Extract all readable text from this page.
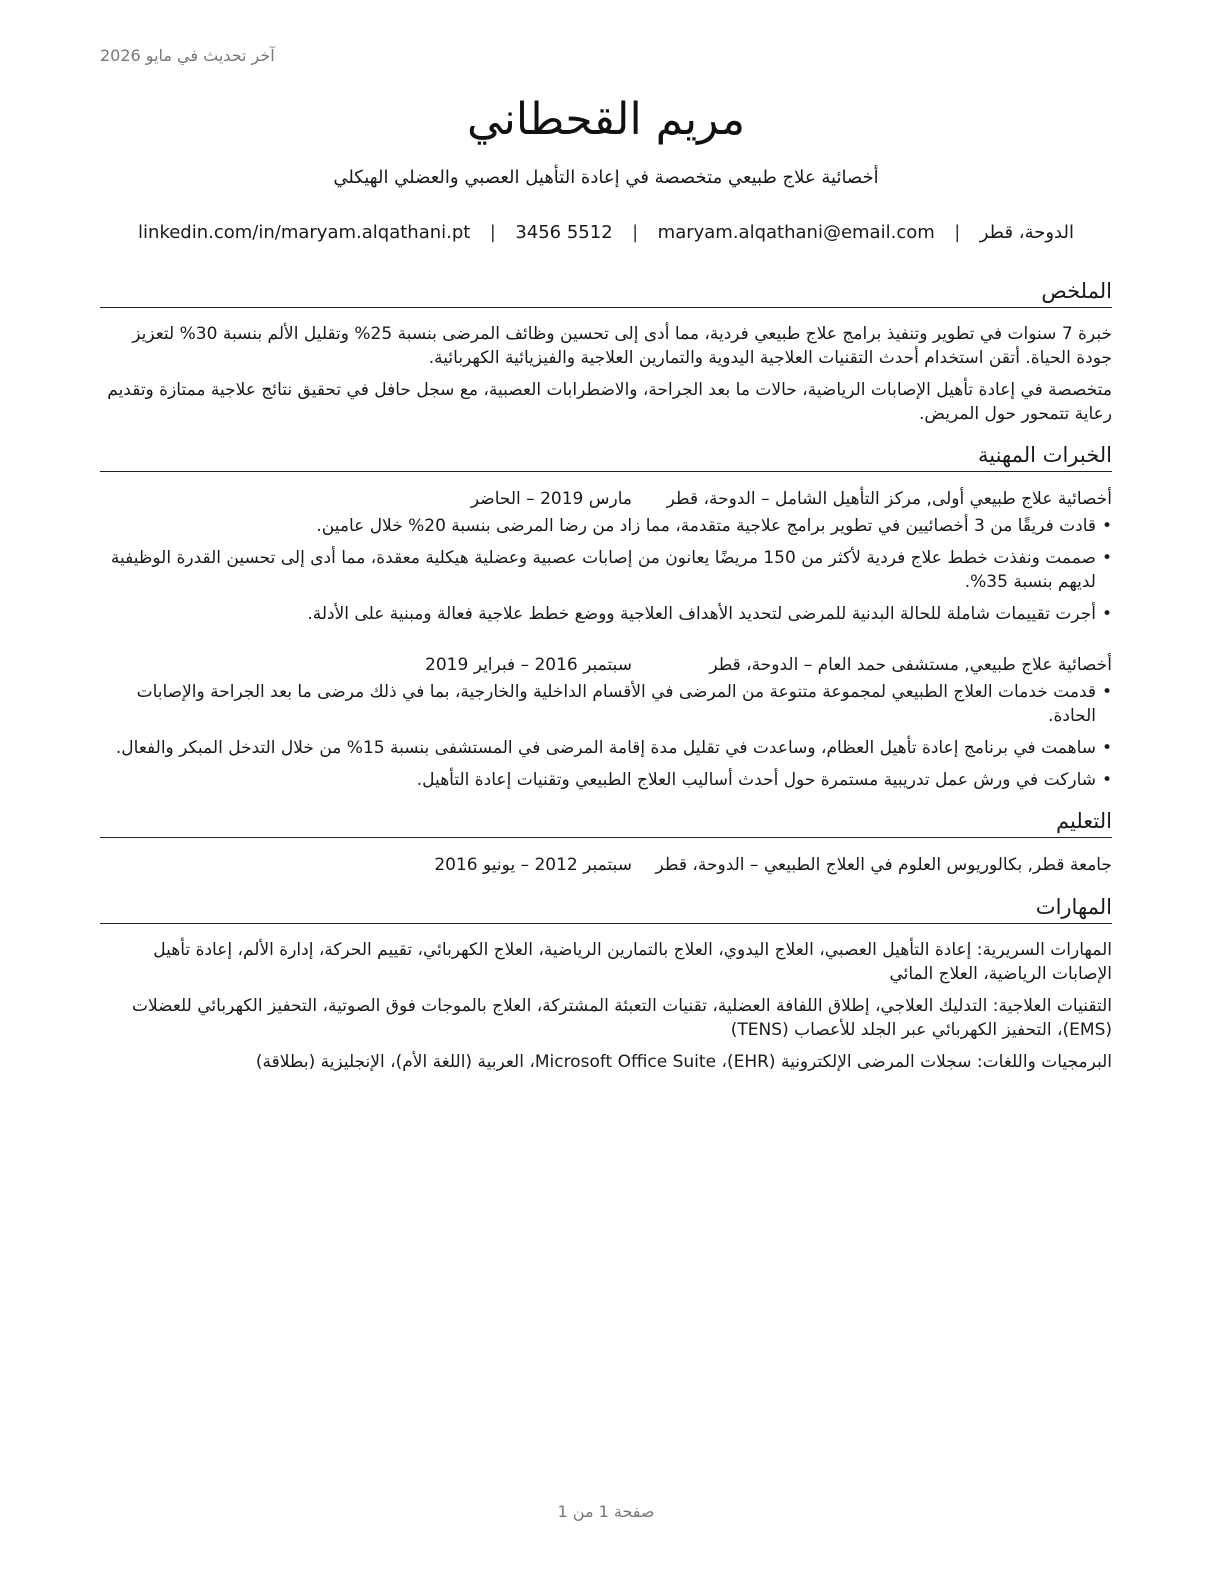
آخر تحديث في مايو 2026
مريم القحطاني
أخصائية علاج طبيعي متخصصة في إعادة التأهيل العصبي والعضلي الهيكلي
الدوحة، قطر
|
maryam.alqathani@email.com
|
3456 5512
|
linkedin.com/in/maryam.alqathani.pt
الملخص

خبرة 7 سنوات في تطوير وتنفيذ برامج علاج طبيعي فردية، مما أدى إلى تحسين وظائف المرضى بنسبة 25% وتقليل الألم بنسبة 30% لتعزيز جودة الحياة. أتقن استخدام أحدث التقنيات العلاجية اليدوية والتمارين العلاجية والفيزيائية الكهربائية.

متخصصة في إعادة تأهيل الإصابات الرياضية، حالات ما بعد الجراحة، والاضطرابات العصبية، مع سجل حافل في تحقيق نتائج علاجية ممتازة وتقديم رعاية تتمحور حول المريض.

الخبرات المهنية
أخصائية علاج طبيعي أولى, مركز التأهيل الشامل – الدوحة، قطر
مارس 2019 – الحاضر
•
قادت فريقًا من 3 أخصائيين في تطوير برامج علاجية متقدمة، مما زاد من رضا المرضى بنسبة 20% خلال عامين.
•
صممت ونفذت خطط علاج فردية لأكثر من 150 مريضًا يعانون من إصابات عصبية وعضلية هيكلية معقدة، مما أدى إلى تحسين القدرة الوظيفية لديهم بنسبة 35%.
•
أجرت تقييمات شاملة للحالة البدنية للمرضى لتحديد الأهداف العلاجية ووضع خطط علاجية فعالة ومبنية على الأدلة.
أخصائية علاج طبيعي, مستشفى حمد العام – الدوحة، قطر
سبتمبر 2016 – فبراير 2019
•
قدمت خدمات العلاج الطبيعي لمجموعة متنوعة من المرضى في الأقسام الداخلية والخارجية، بما في ذلك مرضى ما بعد الجراحة والإصابات الحادة.
•
ساهمت في برنامج إعادة تأهيل العظام، وساعدت في تقليل مدة إقامة المرضى في المستشفى بنسبة 15% من خلال التدخل المبكر والفعال.
•
شاركت في ورش عمل تدريبية مستمرة حول أحدث أساليب العلاج الطبيعي وتقنيات إعادة التأهيل.
التعليم
جامعة قطر, بكالوريوس العلوم في العلاج الطبيعي – الدوحة، قطر
سبتمبر 2012 – يونيو 2016
المهارات

المهارات السريرية: إعادة التأهيل العصبي، العلاج اليدوي، العلاج بالتمارين الرياضية، العلاج الكهربائي، تقييم الحركة، إدارة الألم، إعادة تأهيل الإصابات الرياضية، العلاج المائي

التقنيات العلاجية: التدليك العلاجي، إطلاق اللفافة العضلية، تقنيات التعبئة المشتركة، العلاج بالموجات فوق الصوتية، التحفيز الكهربائي للعضلات (EMS)، التحفيز الكهربائي عبر الجلد للأعصاب (TENS)

البرمجيات واللغات: سجلات المرضى الإلكترونية (EHR)، Microsoft Office Suite، العربية (اللغة الأم)، الإنجليزية (بطلاقة)

صفحة 1 من 1
